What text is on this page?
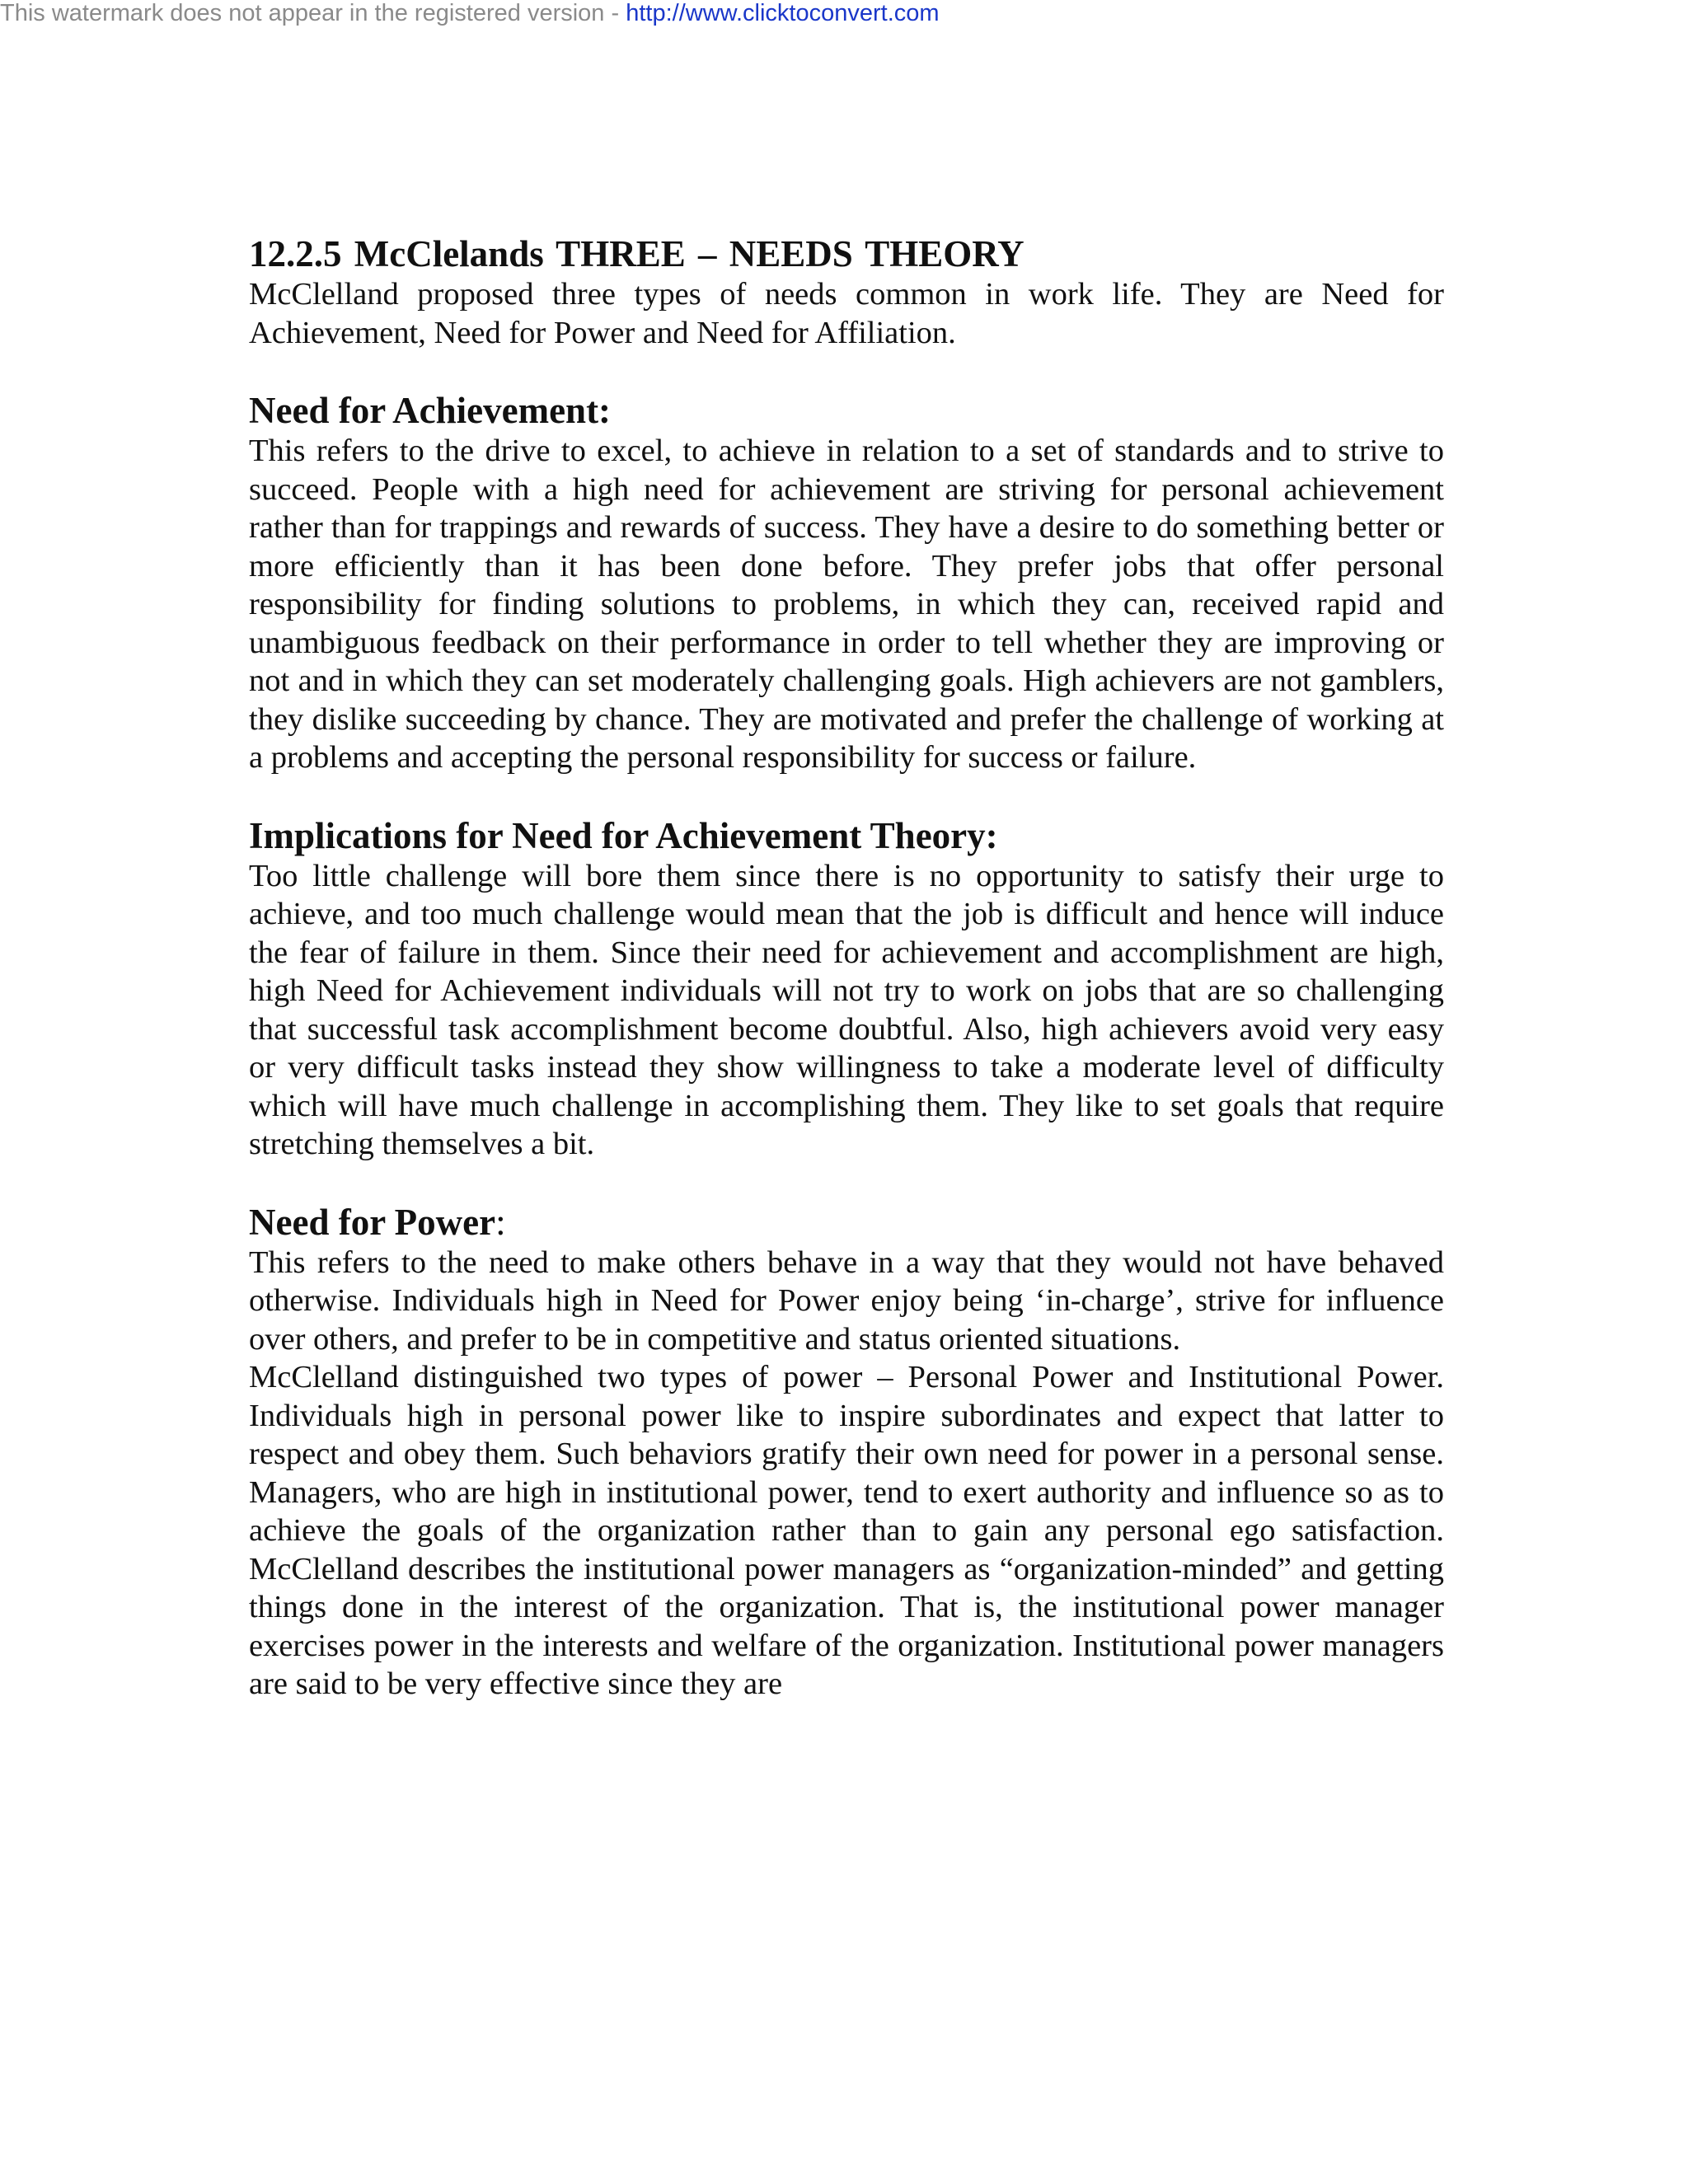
This watermark does not appear in the registered version - http://www.clicktoconvert.com
12.2.5 McClelands THREE – NEEDS THEORY

McClelland proposed three types of needs common in work life. They are Need for Achievement, Need for Power and Need for Affiliation.

Need for Achievement:

This refers to the drive to excel, to achieve in relation to a set of standards and to strive to succeed. People with a high need for achievement are striving for personal achievement rather than for trappings and rewards of success. They have a desire to do something better or more efficiently than it has been done before. They prefer jobs that offer personal responsibility for finding solutions to problems, in which they can, received rapid and unambiguous feedback on their performance in order to tell whether they are improving or not and in which they can set moderately challenging goals. High achievers are not gamblers, they dislike succeeding by chance. They are motivated and prefer the challenge of working at a problems and accepting the personal responsibility for success or failure.

Implications for Need for Achievement Theory:

Too little challenge will bore them since there is no opportunity to satisfy their urge to achieve, and too much challenge would mean that the job is difficult and hence will induce the fear of failure in them. Since their need for achievement and accomplishment are high, high Need for Achievement individuals will not try to work on jobs that are so challenging that successful task accomplishment become doubtful. Also, high achievers avoid very easy or very difficult tasks instead they show willingness to take a moderate level of difficulty which will have much challenge in accomplishing them. They like to set goals that require stretching themselves a bit.

Need for Power:

This refers to the need to make others behave in a way that they would not have behaved otherwise. Individuals high in Need for Power enjoy being ‘in-charge’, strive for influence over others, and prefer to be in competitive and status oriented situations.

McClelland distinguished two types of power – Personal Power and Institutional Power. Individuals high in personal power like to inspire subordinates and expect that latter to respect and obey them. Such behaviors gratify their own need for power in a personal sense. Managers, who are high in institutional power, tend to exert authority and influence so as to achieve the goals of the organization rather than to gain any personal ego satisfaction. McClelland describes the institutional power managers as “organization-minded” and getting things done in the interest of the organization. That is, the institutional power manager exercises power in the interests and welfare of the organization. Institutional power managers are said to be very effective since they are
